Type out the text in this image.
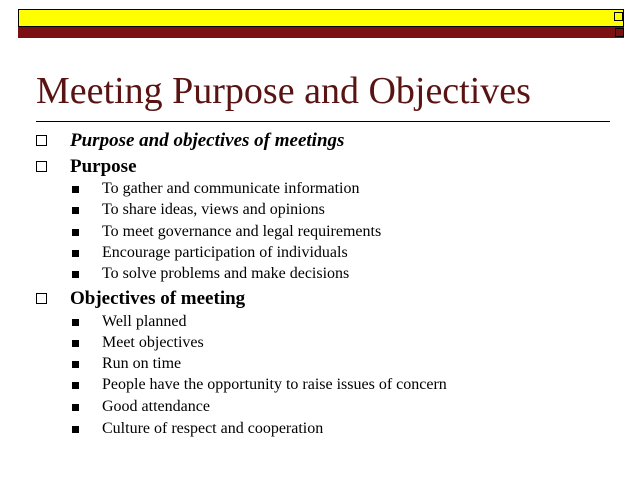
Meeting Purpose and Objectives
Purpose and objectives of meetings
Purpose
To gather and communicate information
To share ideas, views and opinions
To meet governance and legal requirements
Encourage participation of individuals
To solve problems and make decisions
Objectives of meeting
Well planned
Meet objectives
Run on time
People have the opportunity to raise issues of concern
Good attendance
Culture of respect and cooperation
